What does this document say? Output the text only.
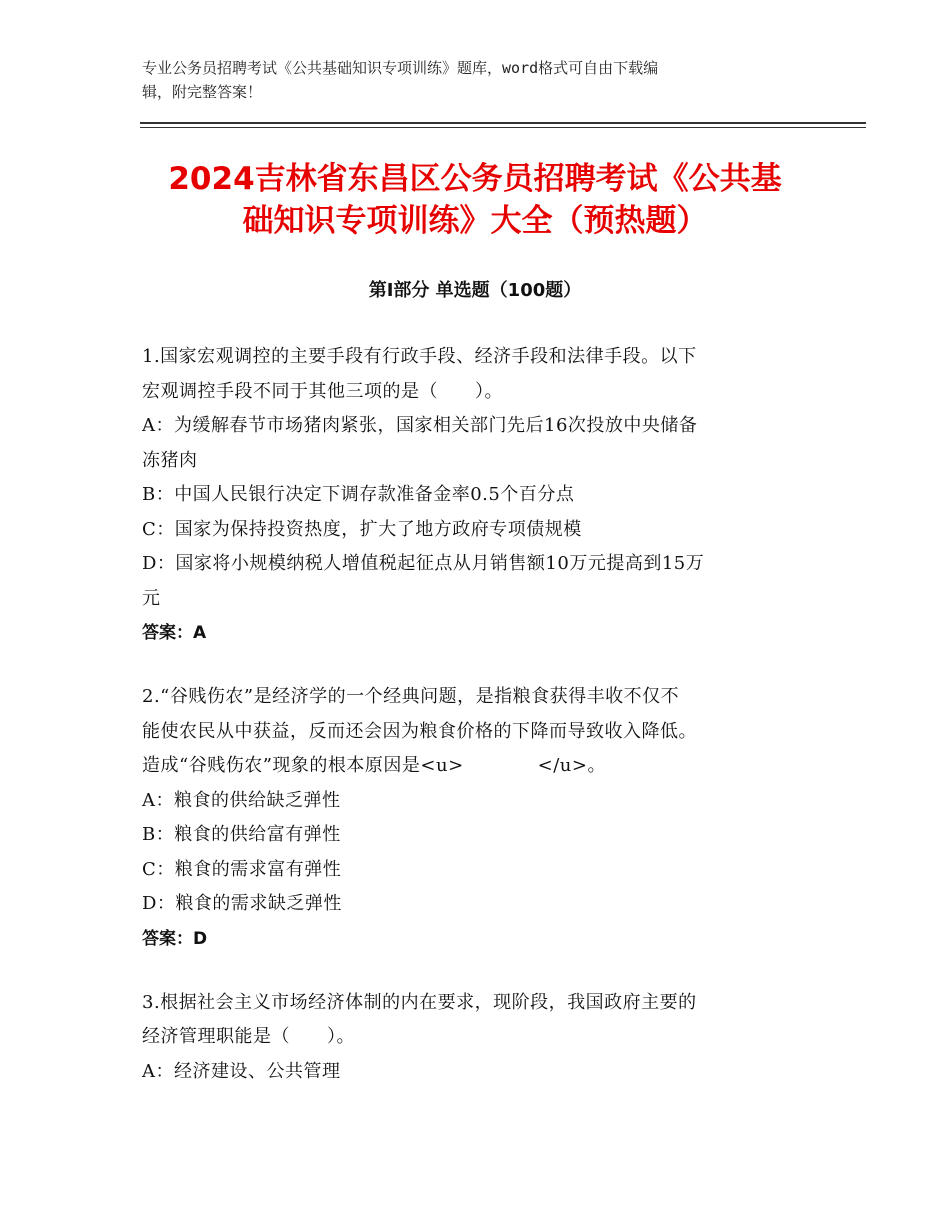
专业公务员招聘考试《公共基础知识专项训练》题库，word格式可自由下载编
辑，附完整答案！
2024吉林省东昌区公务员招聘考试《公共基
础知识专项训练》大全（预热题）
第Ⅰ部分 单选题（100题）
1.国家宏观调控的主要手段有行政手段、经济手段和法律手段。以下
宏观调控手段不同于其他三项的是（　　）。
A：为缓解春节市场猪肉紧张，国家相关部门先后16次投放中央储备
冻猪肉
B：中国人民银行决定下调存款准备金率0.5个百分点
C：国家为保持投资热度，扩大了地方政府专项债规模
D：国家将小规模纳税人增值税起征点从月销售额10万元提高到15万
元
答案：A
2.“谷贱伤农”是经济学的一个经典问题，是指粮食获得丰收不仅不
能使农民从中获益，反而还会因为粮食价格的下降而导致收入降低。
造成“谷贱伤农”现象的根本原因是<u>　　　　</u>。
A：粮食的供给缺乏弹性
B：粮食的供给富有弹性
C：粮食的需求富有弹性
D：粮食的需求缺乏弹性
答案：D
3.根据社会主义市场经济体制的内在要求，现阶段，我国政府主要的
经济管理职能是（　　）。
A：经济建设、公共管理
